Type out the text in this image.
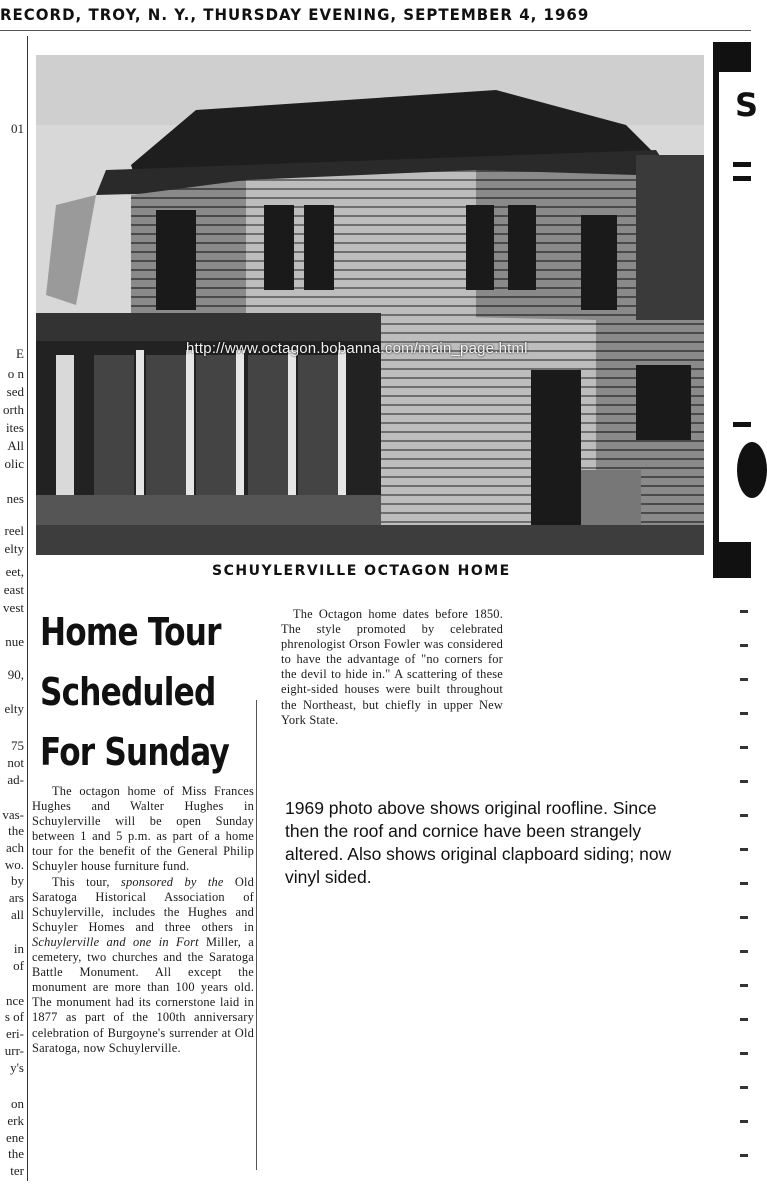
RECORD, TROY, N. Y., THURSDAY EVENING, SEPTEMBER 4, 1969
01
E
o n
sed
orth
ites
All
olic
nes
reel
elty
eet,
east
vest
nue
90,
elty
75
not
ad-
vas-
the
ach
wo.
by
ars
all
in
of
nce
s of
eri-
urr-
y's
on
erk
ene
the
ter
S
http://www.octagon.bobanna.com/main_page.html
SCHUYLERVILLE OCTAGON HOME
Home Tour
Scheduled
For Sunday

The octagon home of Miss Frances Hughes and Walter Hughes in Schuylerville will be open Sunday between 1 and 5 p.m. as part of a home tour for the benefit of the General Philip Schuyler house furniture fund.

This tour, sponsored by the Old Saratoga Historical Association of Schuylerville, includes the Hughes and Schuyler Homes and three others in Schuylerville and one in Fort Miller, a cemetery, two churches and the Saratoga Battle Monument. All except the monument are more than 100 years old. The monument had its cornerstone laid in 1877 as part of the 100th anniversary celebration of Burgoyne's surrender at Old Saratoga, now Schuylerville.

The Octagon home dates before 1850. The style promoted by celebrated phrenologist Orson Fowler was considered to have the advantage of "no corners for the devil to hide in." A scattering of these eight-sided houses were built throughout the Northeast, but chiefly in upper New York State.

1969 photo above shows original roofline. Since then the roof and cornice have been strangely altered. Also shows original clapboard siding; now vinyl sided.
